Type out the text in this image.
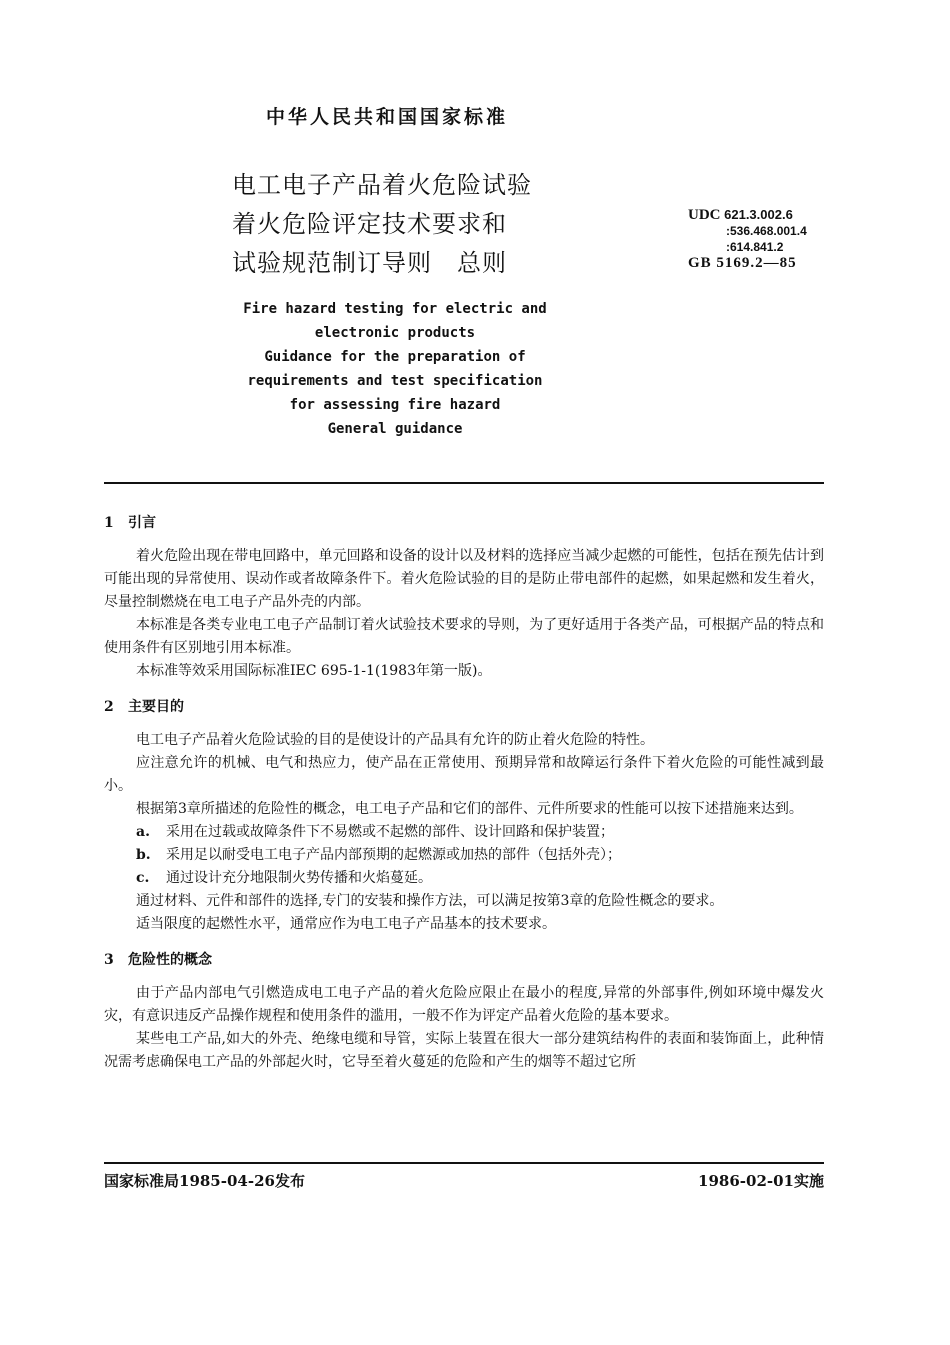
中华人民共和国国家标准
电工电子产品着火危险试验
着火危险评定技术要求和
试验规范制订导则　总则
UDC 621.3.002.6
:536.468.001.4
:614.841.2
GB 5169.2—85
Fire hazard testing for electric and
electronic products
Guidance for the preparation of
requirements and test specification
for assessing fire hazard
General guidance
1 引言

着火危险出现在带电回路中，单元回路和设备的设计以及材料的选择应当减少起燃的可能性，包括在预先估计到可能出现的异常使用、误动作或者故障条件下。着火危险试验的目的是防止带电部件的起燃，如果起燃和发生着火，尽量控制燃烧在电工电子产品外壳的内部。

本标准是各类专业电工电子产品制订着火试验技术要求的导则，为了更好适用于各类产品，可根据产品的特点和使用条件有区别地引用本标准。

本标准等效采用国际标准IEC 695-1-1(1983年第一版)。

2 主要目的

电工电子产品着火危险试验的目的是使设计的产品具有允许的防止着火危险的特性。

应注意允许的机械、电气和热应力，使产品在正常使用、预期异常和故障运行条件下着火危险的可能性减到最小。

根据第3章所描述的危险性的概念，电工电子产品和它们的部件、元件所要求的性能可以按下述措施来达到。

a. 采用在过载或故障条件下不易燃或不起燃的部件、设计回路和保护装置；

b. 采用足以耐受电工电子产品内部预期的起燃源或加热的部件（包括外壳）；

c. 通过设计充分地限制火势传播和火焰蔓延。

通过材料、元件和部件的选择,专门的安装和操作方法，可以满足按第3章的危险性概念的要求。

适当限度的起燃性水平，通常应作为电工电子产品基本的技术要求。

3 危险性的概念

由于产品内部电气引燃造成电工电子产品的着火危险应限止在最小的程度,异常的外部事件,例如环境中爆发火灾，有意识违反产品操作规程和使用条件的滥用，一般不作为评定产品着火危险的基本要求。

某些电工产品,如大的外壳、绝缘电缆和导管，实际上装置在很大一部分建筑结构件的表面和装饰面上，此种情况需考虑确保电工产品的外部起火时，它导至着火蔓延的危险和产生的烟等不超过它所

国家标准局1985-04-26发布	1986-02-01实施
